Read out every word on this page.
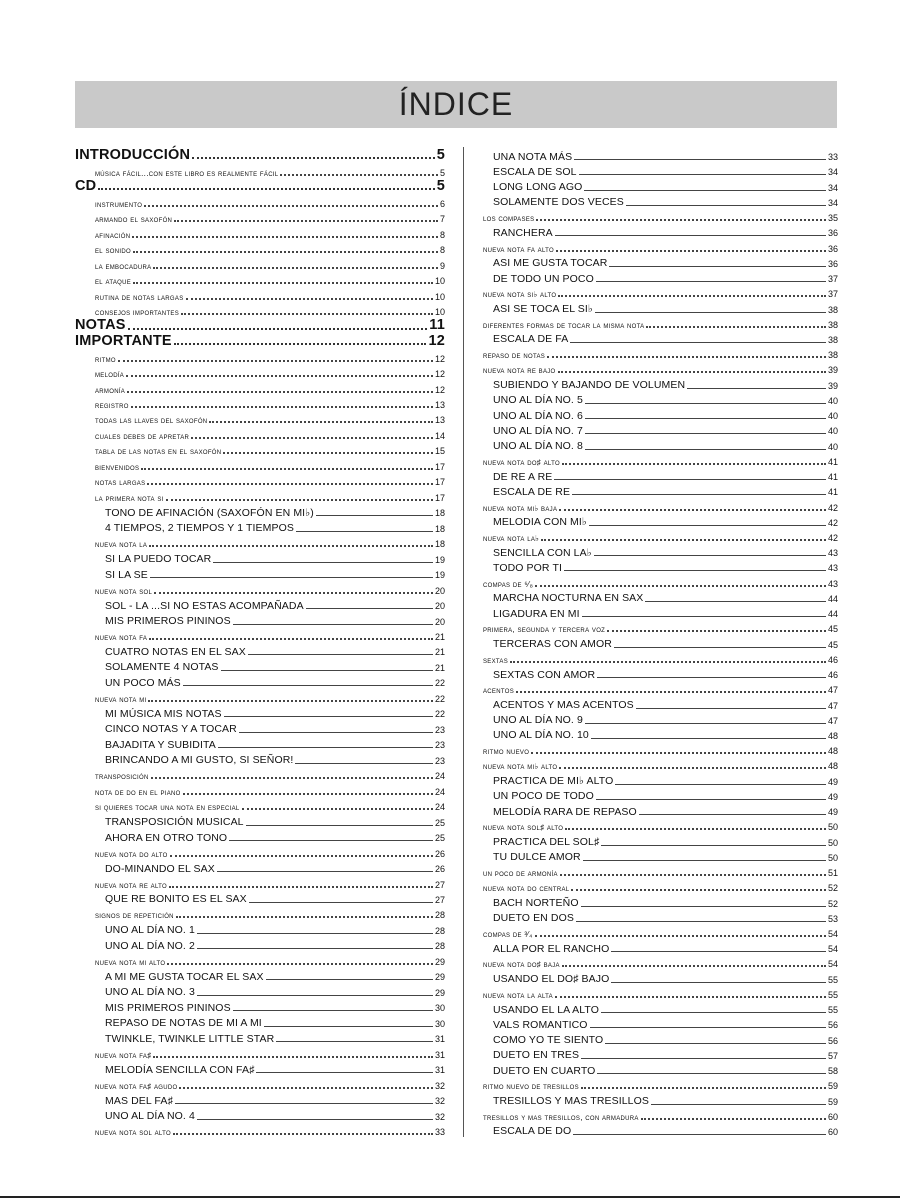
ÍNDICE
INTRODUCCIÓN	5
música fácil...con este libro es realmente fácil	5
CD	5
instrumento	6
armando el saxofón	7
afinación	8
el sonido	8
la embocadura	9
el ataque	10
rutina de notas largas	10
consejos importantes	10
NOTAS	11
IMPORTANTE	12
ritmo	12
melodía	12
armonía	12
registro	13
todas las llaves del saxofón	13
cuales debes de apretar	14
tabla de las notas en el saxofón	15
bienvenidos	17
notas largas	17
la primera nota si	17
TONO DE AFINACIÓN (SAXOFÓN EN MI♭)	18
4 TIEMPOS, 2 TIEMPOS Y 1 TIEMPOS	18
nueva nota la	18
SI LA PUEDO TOCAR	19
SI LA SE	19
nueva nota sol	20
SOL - LA ...SI NO ESTAS ACOMPAÑADA	20
MIS PRIMEROS PININOS	20
nueva nota fa	21
CUATRO NOTAS EN EL SAX	21
SOLAMENTE 4 NOTAS	21
UN POCO MÁS	22
nueva nota mi	22
MI MÚSICA MIS NOTAS	22
CINCO NOTAS Y A TOCAR	23
BAJADITA Y SUBIDITA	23
BRINCANDO A MI GUSTO, SI SEÑOR!	23
transposición	24
nota de do en el piano	24
si quieres tocar una nota en especial	24
TRANSPOSICIÓN MUSICAL	25
AHORA EN OTRO TONO	25
nueva nota do alto	26
DO-MINANDO EL SAX	26
nueva nota re alto	27
QUE RE BONITO ES EL SAX	27
signos de repetición	28
UNO AL DÍA NO. 1	28
UNO AL DÍA NO. 2	28
nueva nota mi alto	29
A MI ME GUSTA TOCAR EL SAX	29
UNO AL DÍA NO. 3	29
MIS PRIMEROS PININOS	30
REPASO DE NOTAS DE MI A MI	30
TWINKLE, TWINKLE LITTLE STAR	31
nueva nota fa♯	31
MELODÍA SENCILLA CON FA♯	31
nueva nota fa♯ agudo	32
MAS DEL FA♯	32
UNO AL DÍA NO. 4	32
nueva nota sol alto	33
UNA NOTA MÁS	33
ESCALA DE SOL	34
LONG LONG AGO	34
SOLAMENTE DOS VECES	34
los compases	35
RANCHERA	36
nueva nota fa alto	36
ASI ME GUSTA TOCAR	36
DE TODO UN POCO	37
nueva nota si♭ alto	37
ASI SE TOCA EL SI♭	38
diferentes formas de tocar la misma nota	38
ESCALA DE FA	38
repaso de notas	38
nueva nota re bajo	39
SUBIENDO Y BAJANDO DE VOLUMEN	39
UNO AL DÍA NO. 5	40
UNO AL DÍA NO. 6	40
UNO AL DÍA NO. 7	40
UNO AL DÍA NO. 8	40
nueva nota do♯ alto	41
DE RE A RE	41
ESCALA DE RE	41
nueva nota mi♭ baja	42
MELODIA CON MI♭	42
nueva nota la♭	42
SENCILLA CON LA♭	43
TODO POR TI	43
compas de ⁶⁄₈	43
MARCHA NOCTURNA EN SAX	44
LIGADURA EN MI	44
primera, segunda y tercera voz	45
TERCERAS CON AMOR	45
sextas	46
SEXTAS CON AMOR	46
acentos	47
ACENTOS Y MAS ACENTOS	47
UNO AL DÍA NO. 9	47
UNO AL DÍA NO. 10	48
ritmo nuevo	48
nueva nota mi♭ alto	48
PRACTICA DE MI♭ ALTO	49
UN POCO DE TODO	49
MELODÍA RARA DE REPASO	49
nueva nota sol♯ alto	50
PRACTICA DEL SOL♯	50
TU DULCE AMOR	50
un poco de armonía	51
nueva nota do central	52
BACH NORTEÑO	52
DUETO EN DOS	53
compas de ³⁄₄	54
ALLA POR EL RANCHO	54
nueva nota do♯ baja	54
USANDO EL DO♯ BAJO	55
nueva nota la alta	55
USANDO EL LA ALTO	55
VALS ROMANTICO	56
COMO YO TE SIENTO	56
DUETO EN TRES	57
DUETO EN CUARTO	58
ritmo nuevo de tresillos	59
TRESILLOS Y MAS TRESILLOS	59
tresillos y mas tresillos, con armadura	60
ESCALA DE DO	60
